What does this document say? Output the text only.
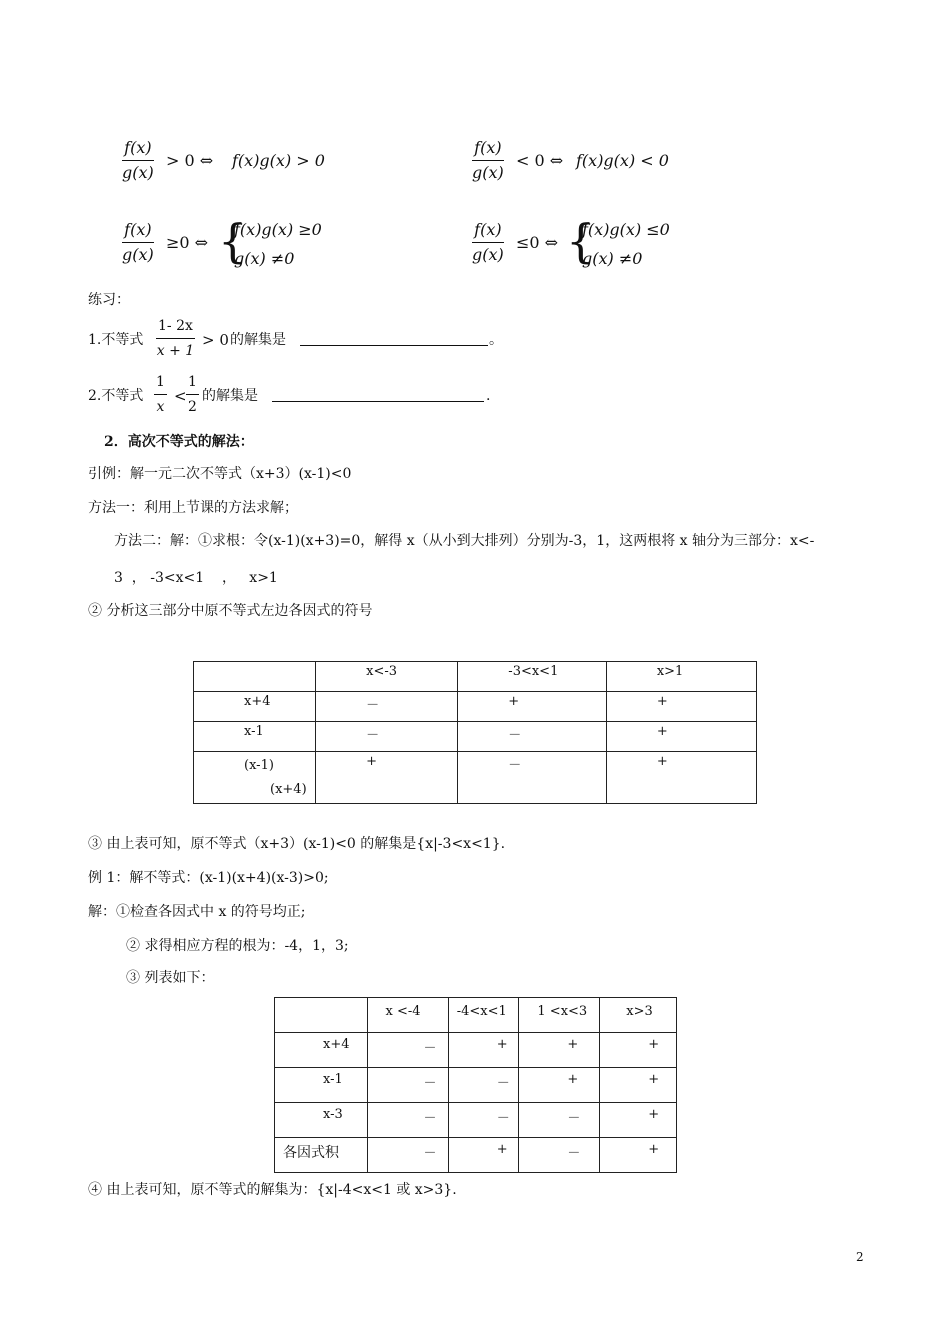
$\frac{f(x)}{g(x)} > 0$ ⇔ f(x)g(x) > 0	$\frac{f(x)}{g(x)} < 0$ ⇔ f(x)g(x) < 0
$\frac{f(x)}{g(x)} \ge 0$ ⇔ {
f(x)g(x) ≥0
g(x) ≠0	$\frac{f(x)}{g(x)} \le 0$ ⇔ {
f(x)g(x) ≤0
g(x) ≠0
练习：
1.不等式 $\frac{1- 2x}{x + 1} > 0$ 的解集是	。
2.不等式 $\frac{1}{x} < \frac{1}{2}$ 的解集是	.
2．高次不等式的解法：
引例：解一元二次不等式（x+3）(x-1)<0
方法一：利用上节课的方法求解；
方法二：解：①求根：令(x-1)(x+3)=0，解得 x（从小到大排列）分别为-3，1，这两根将 x 轴分为三部分：x<-
3  ， -3<x<1    ，   x>1
② 分析这三部分中原不等式左边各因式的符号
	x<-3	-3<x<1	x>1
x+4	－	+	+
x-1	－	－	+
(x-1)
(x+4)	+	－	+
③ 由上表可知，原不等式（x+3）(x-1)<0 的解集是{x|-3<x<1}.
例 1：解不等式：(x-1)(x+4)(x-3)>0;
解：①检查各因式中 x 的符号均正;
② 求得相应方程的根为：-4，1，3;
③ 列表如下：
	x <-4	-4<x<1	1 <x<3	x>3
x+4	－	+	+	+
x-1	－	－	+	+
x-3	－	－	－	+
各因式积	－	+	－	+
④ 由上表可知，原不等式的解集为：{x|-4<x<1 或 x>3}.
2
